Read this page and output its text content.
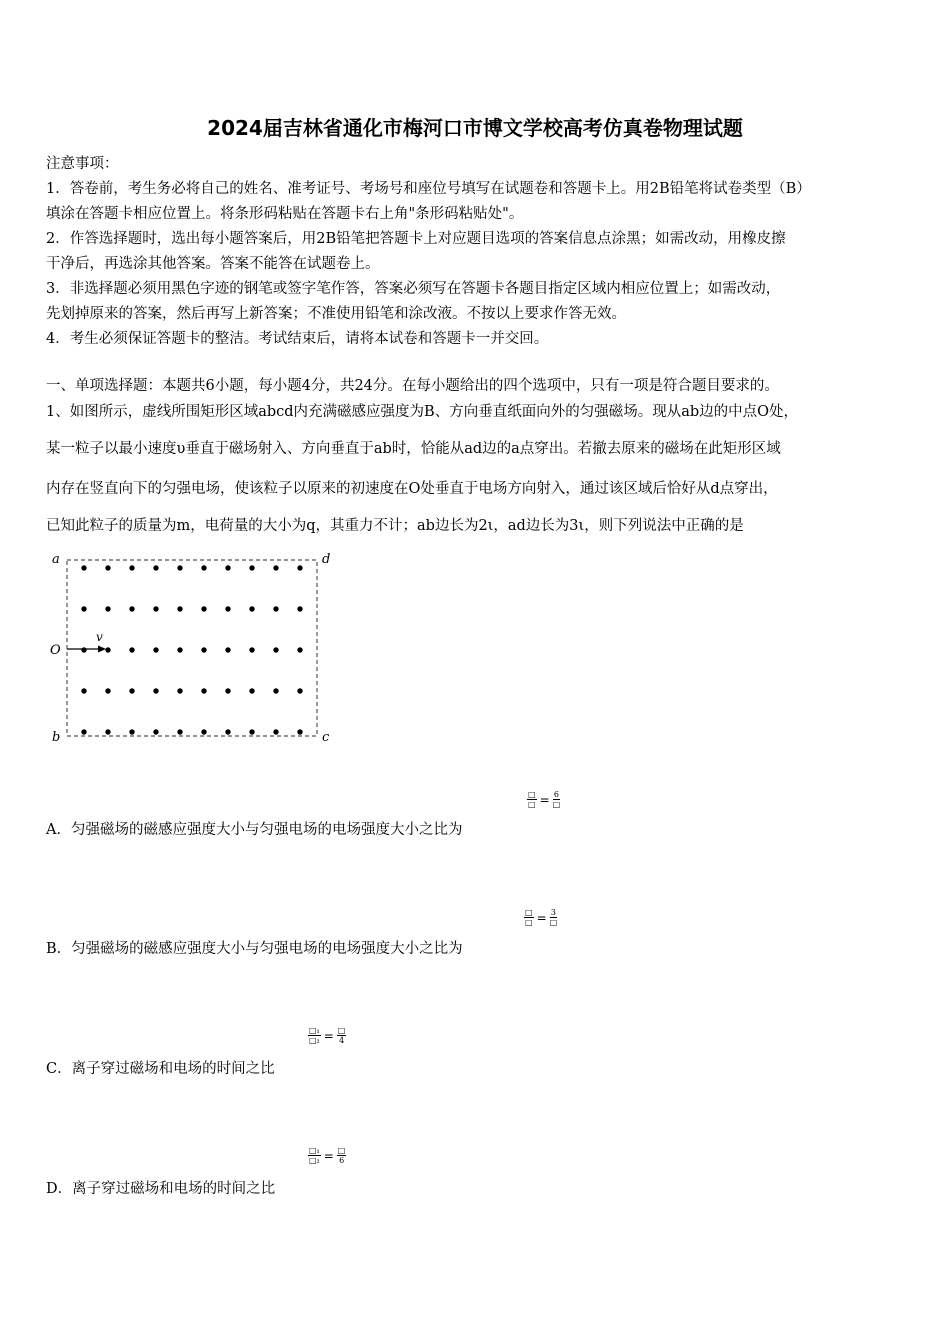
2024届吉林省通化市梅河口市博文学校高考仿真卷物理试题
注意事项：
1．答卷前，考生务必将自己的姓名、准考证号、考场号和座位号填写在试题卷和答题卡上。用2B铅笔将试卷类型（B）
填涂在答题卡相应位置上。将条形码粘贴在答题卡右上角"条形码粘贴处"。
2．作答选择题时，选出每小题答案后，用2B铅笔把答题卡上对应题目选项的答案信息点涂黑；如需改动，用橡皮擦
干净后，再选涂其他答案。答案不能答在试题卷上。
3．非选择题必须用黑色字迹的钢笔或签字笔作答，答案必须写在答题卡各题目指定区域内相应位置上；如需改动，
先划掉原来的答案，然后再写上新答案；不准使用铅笔和涂改液。不按以上要求作答无效。
4．考生必须保证答题卡的整洁。考试结束后，请将本试卷和答题卡一并交回。
一、单项选择题：本题共6小题，每小题4分，共24分。在每小题给出的四个选项中，只有一项是符合题目要求的。
1、如图所示，虚线所围矩形区域abcd内充满磁感应强度为B、方向垂直纸面向外的匀强磁场。现从ab边的中点O处，
某一粒子以最小速度υ垂直于磁场射入、方向垂直于ab时，恰能从ad边的a点穿出。若撤去原来的磁场在此矩形区域
内存在竖直向下的匀强电场，使该粒子以原来的初速度在O处垂直于电场方向射入，通过该区域后恰好从d点穿出，
已知此粒子的质量为m，电荷量的大小为q，其重力不计；ab边长为2ι，ad边长为3ι，则下列说法中正确的是
a	d
b	c
O
v
□
□ = 6
□
A．匀强磁场的磁感应强度大小与匀强电场的电场强度大小之比为
□
□ = 3
□
B．匀强磁场的磁感应强度大小与匀强电场的电场强度大小之比为
□₁
□₂ = □
4
C．离子穿过磁场和电场的时间之比
□₁
□₂ = □
6
D．离子穿过磁场和电场的时间之比
